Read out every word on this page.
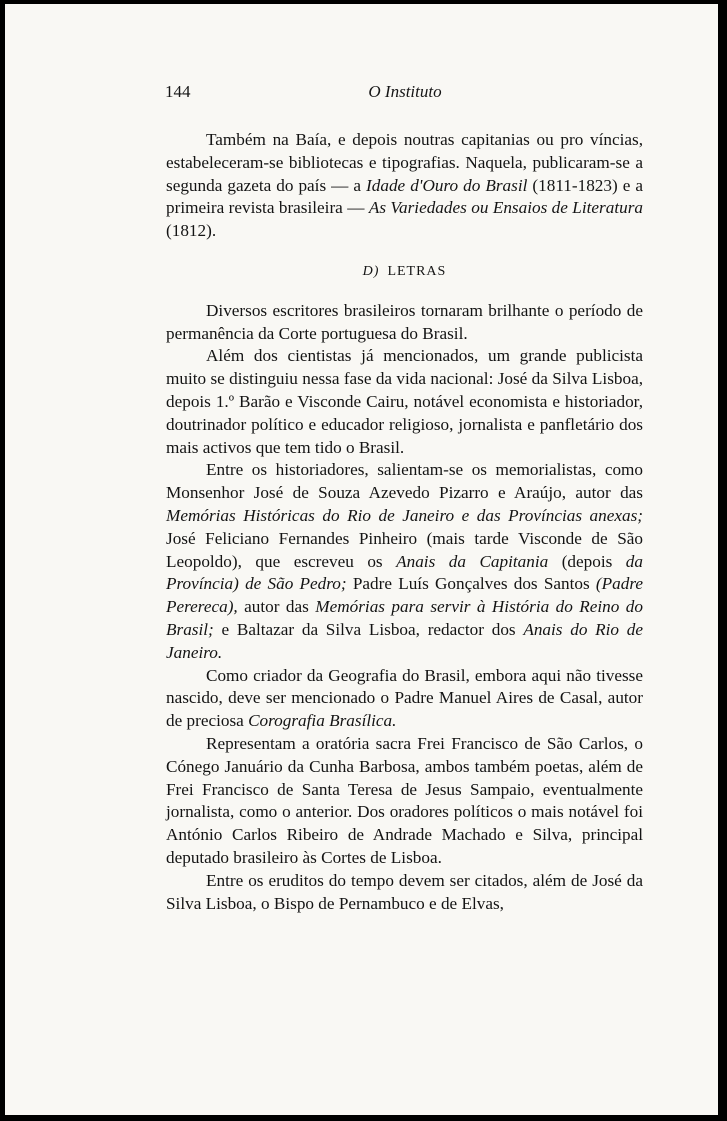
144	O Instituto

Também na Baía, e depois noutras capitanias ou pro víncias, estabeleceram-se bibliotecas e tipografias. Naquela, publicaram-se a segunda gazeta do país — a Idade d'Ouro do Brasil (1811-1823) e a primeira revista brasileira — As Variedades ou Ensaios de Literatura (1812).

D) LETRAS

Diversos escritores brasileiros tornaram brilhante o período de permanência da Corte portuguesa do Brasil.

Além dos cientistas já mencionados, um grande publicista muito se distinguiu nessa fase da vida nacional: José da Silva Lisboa, depois 1.º Barão e Visconde Cairu, notável economista e historiador, doutrinador político e educador religioso, jornalista e panfletário dos mais activos que tem tido o Brasil.

Entre os historiadores, salientam-se os memorialistas, como Monsenhor José de Souza Azevedo Pizarro e Araújo, autor das Memórias Históricas do Rio de Janeiro e das Províncias anexas; José Feliciano Fernandes Pinheiro (mais tarde Visconde de São Leopoldo), que escreveu os Anais da Capitania (depois da Província) de São Pedro; Padre Luís Gonçalves dos Santos (Padre Perereca), autor das Memórias para servir à História do Reino do Brasil; e Baltazar da Silva Lisboa, redactor dos Anais do Rio de Janeiro.

Como criador da Geografia do Brasil, embora aqui não tivesse nascido, deve ser mencionado o Padre Manuel Aires de Casal, autor de preciosa Corografia Brasílica.

Representam a oratória sacra Frei Francisco de São Carlos, o Cónego Januário da Cunha Barbosa, ambos também poetas, além de Frei Francisco de Santa Teresa de Jesus Sampaio, eventualmente jornalista, como o anterior. Dos oradores políticos o mais notável foi António Carlos Ribeiro de Andrade Machado e Silva, principal deputado brasileiro às Cortes de Lisboa.

Entre os eruditos do tempo devem ser citados, além de José da Silva Lisboa, o Bispo de Pernambuco e de Elvas,
